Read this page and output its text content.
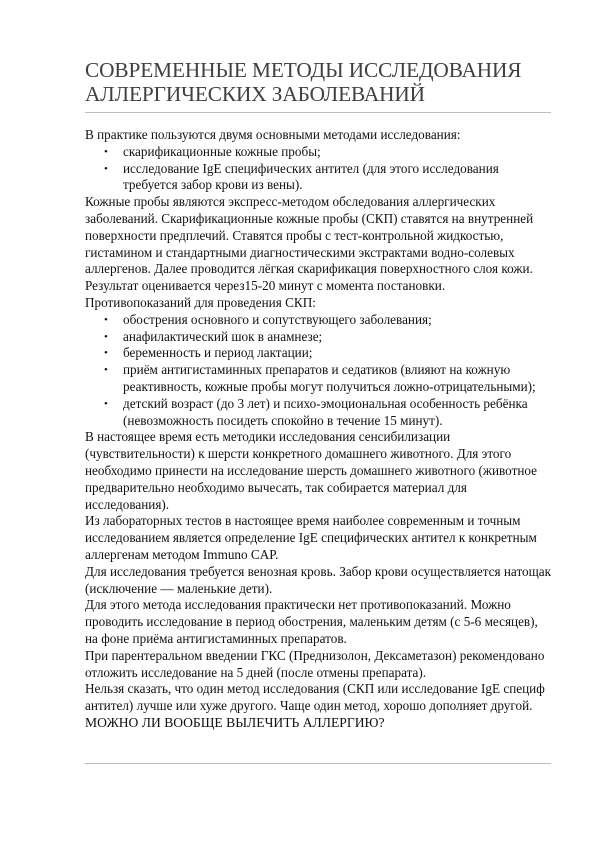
СОВРЕМЕННЫЕ МЕТОДЫ ИССЛЕДОВАНИЯ
АЛЛЕРГИЧЕСКИХ ЗАБОЛЕВАНИЙ

В практике пользуются двумя основными методами исследования:

• скарификационные кожные пробы;
• исследование IgE специфических антител (для этого исследования требуется забор крови из вены).

Кожные пробы являются экспресс-методом обследования аллергических заболеваний. Скарификационные кожные пробы (СКП) ставятся на внутренней поверхности предплечий. Ставятся пробы с тест-контрольной жидкостью, гистамином и стандартными диагностическими экстрактами водно-солевых аллергенов. Далее проводится лёгкая скарификация поверхностного слоя кожи.

Результат оценивается через15-20 минут с момента постановки.

Противопоказаний для проведения СКП:

• обострения основного и сопутствующего заболевания;
• анафилактический шок в анамнезе;
• беременность и период лактации;
• приём антигистаминных препаратов и седатиков (влияют на кожную реактивность, кожные пробы могут получиться ложно-отрицательными);
• детский возраст (до 3 лет) и психо-эмоциональная особенность ребёнка (невозможность посидеть спокойно в течение 15 минут).

В настоящее время есть методики исследования сенсибилизации (чувствительности) к шерсти конкретного домашнего животного. Для этого необходимо принести на исследование шерсть домашнего животного (животное предварительно необходимо вычесать, так собирается материал для исследования).

Из лабораторных тестов в настоящее время наиболее современным и точным исследованием является определение IgE специфических антител к конкретным аллергенам методом Immuno CAP.

Для исследования требуется венозная кровь. Забор крови осуществляется натощак (исключение — маленькие дети).

Для этого метода исследования практически нет противопоказаний. Можно проводить исследование в период обострения, маленьким детям (с 5-6 месяцев), на фоне приёма антигистаминных препаратов.

При парентеральном введении ГКС (Преднизолон, Дексаметазон) рекомендовано отложить исследование на 5 дней (после отмены препарата).

Нельзя сказать, что один метод исследования (СКП или исследование IgE специф антител) лучше или хуже другого. Чаще один метод, хорошо дополняет другой.

МОЖНО ЛИ ВООБЩЕ ВЫЛЕЧИТЬ АЛЛЕРГИЮ?
